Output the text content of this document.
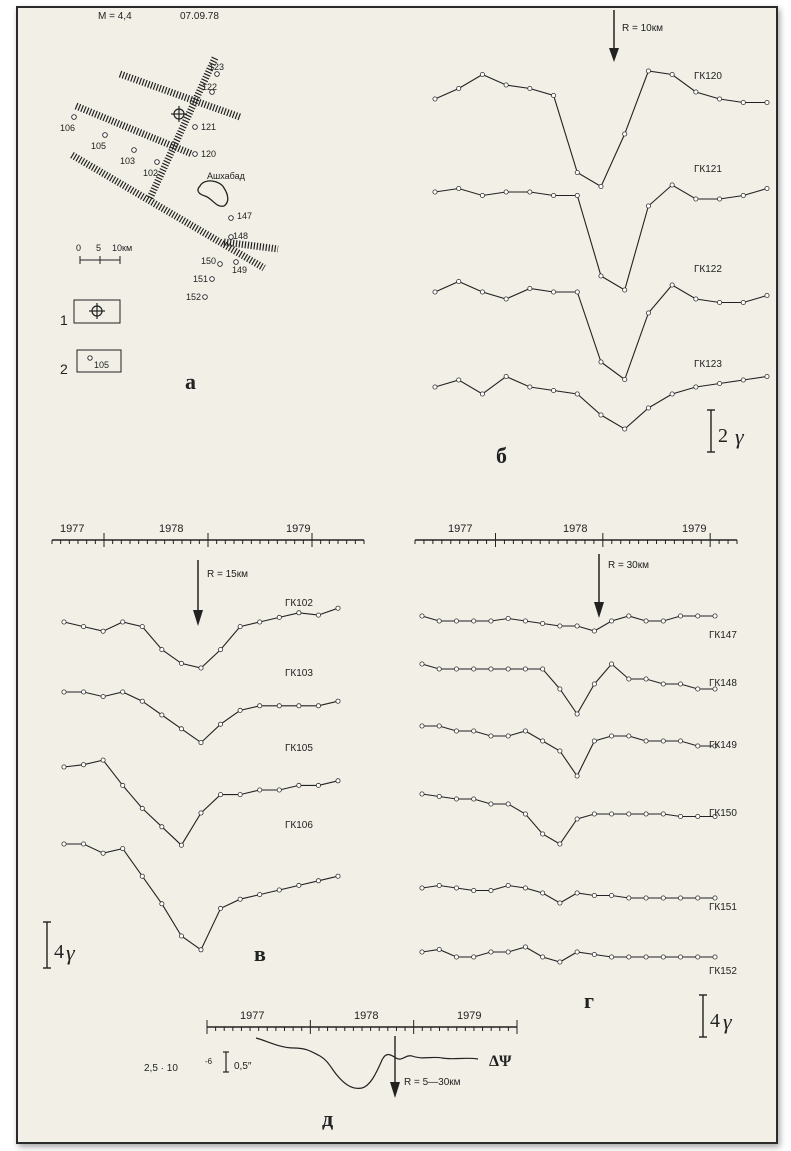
M = 4,4	07.09.78
Ашхабад
121
120
123
122
106
105
103
102
147
148
149
150
151
152
0 5 10км
1
2	105
а
R = 10км
ГК120
ГК121
ГК122
ГК123
2 γ
б
1977	1978	1979
R = 15км
ГК102
ГК103
ГК105
ГК106
4 γ	в
1977	1978	1979
R = 30км
ГК147
ГК148
ГК149
ГК150
ГК151
ГК152
4 γ
г
1977	1978	1979
2,5 · 10
-6 0,5″
R = 5—30км
ΔΨ
д
